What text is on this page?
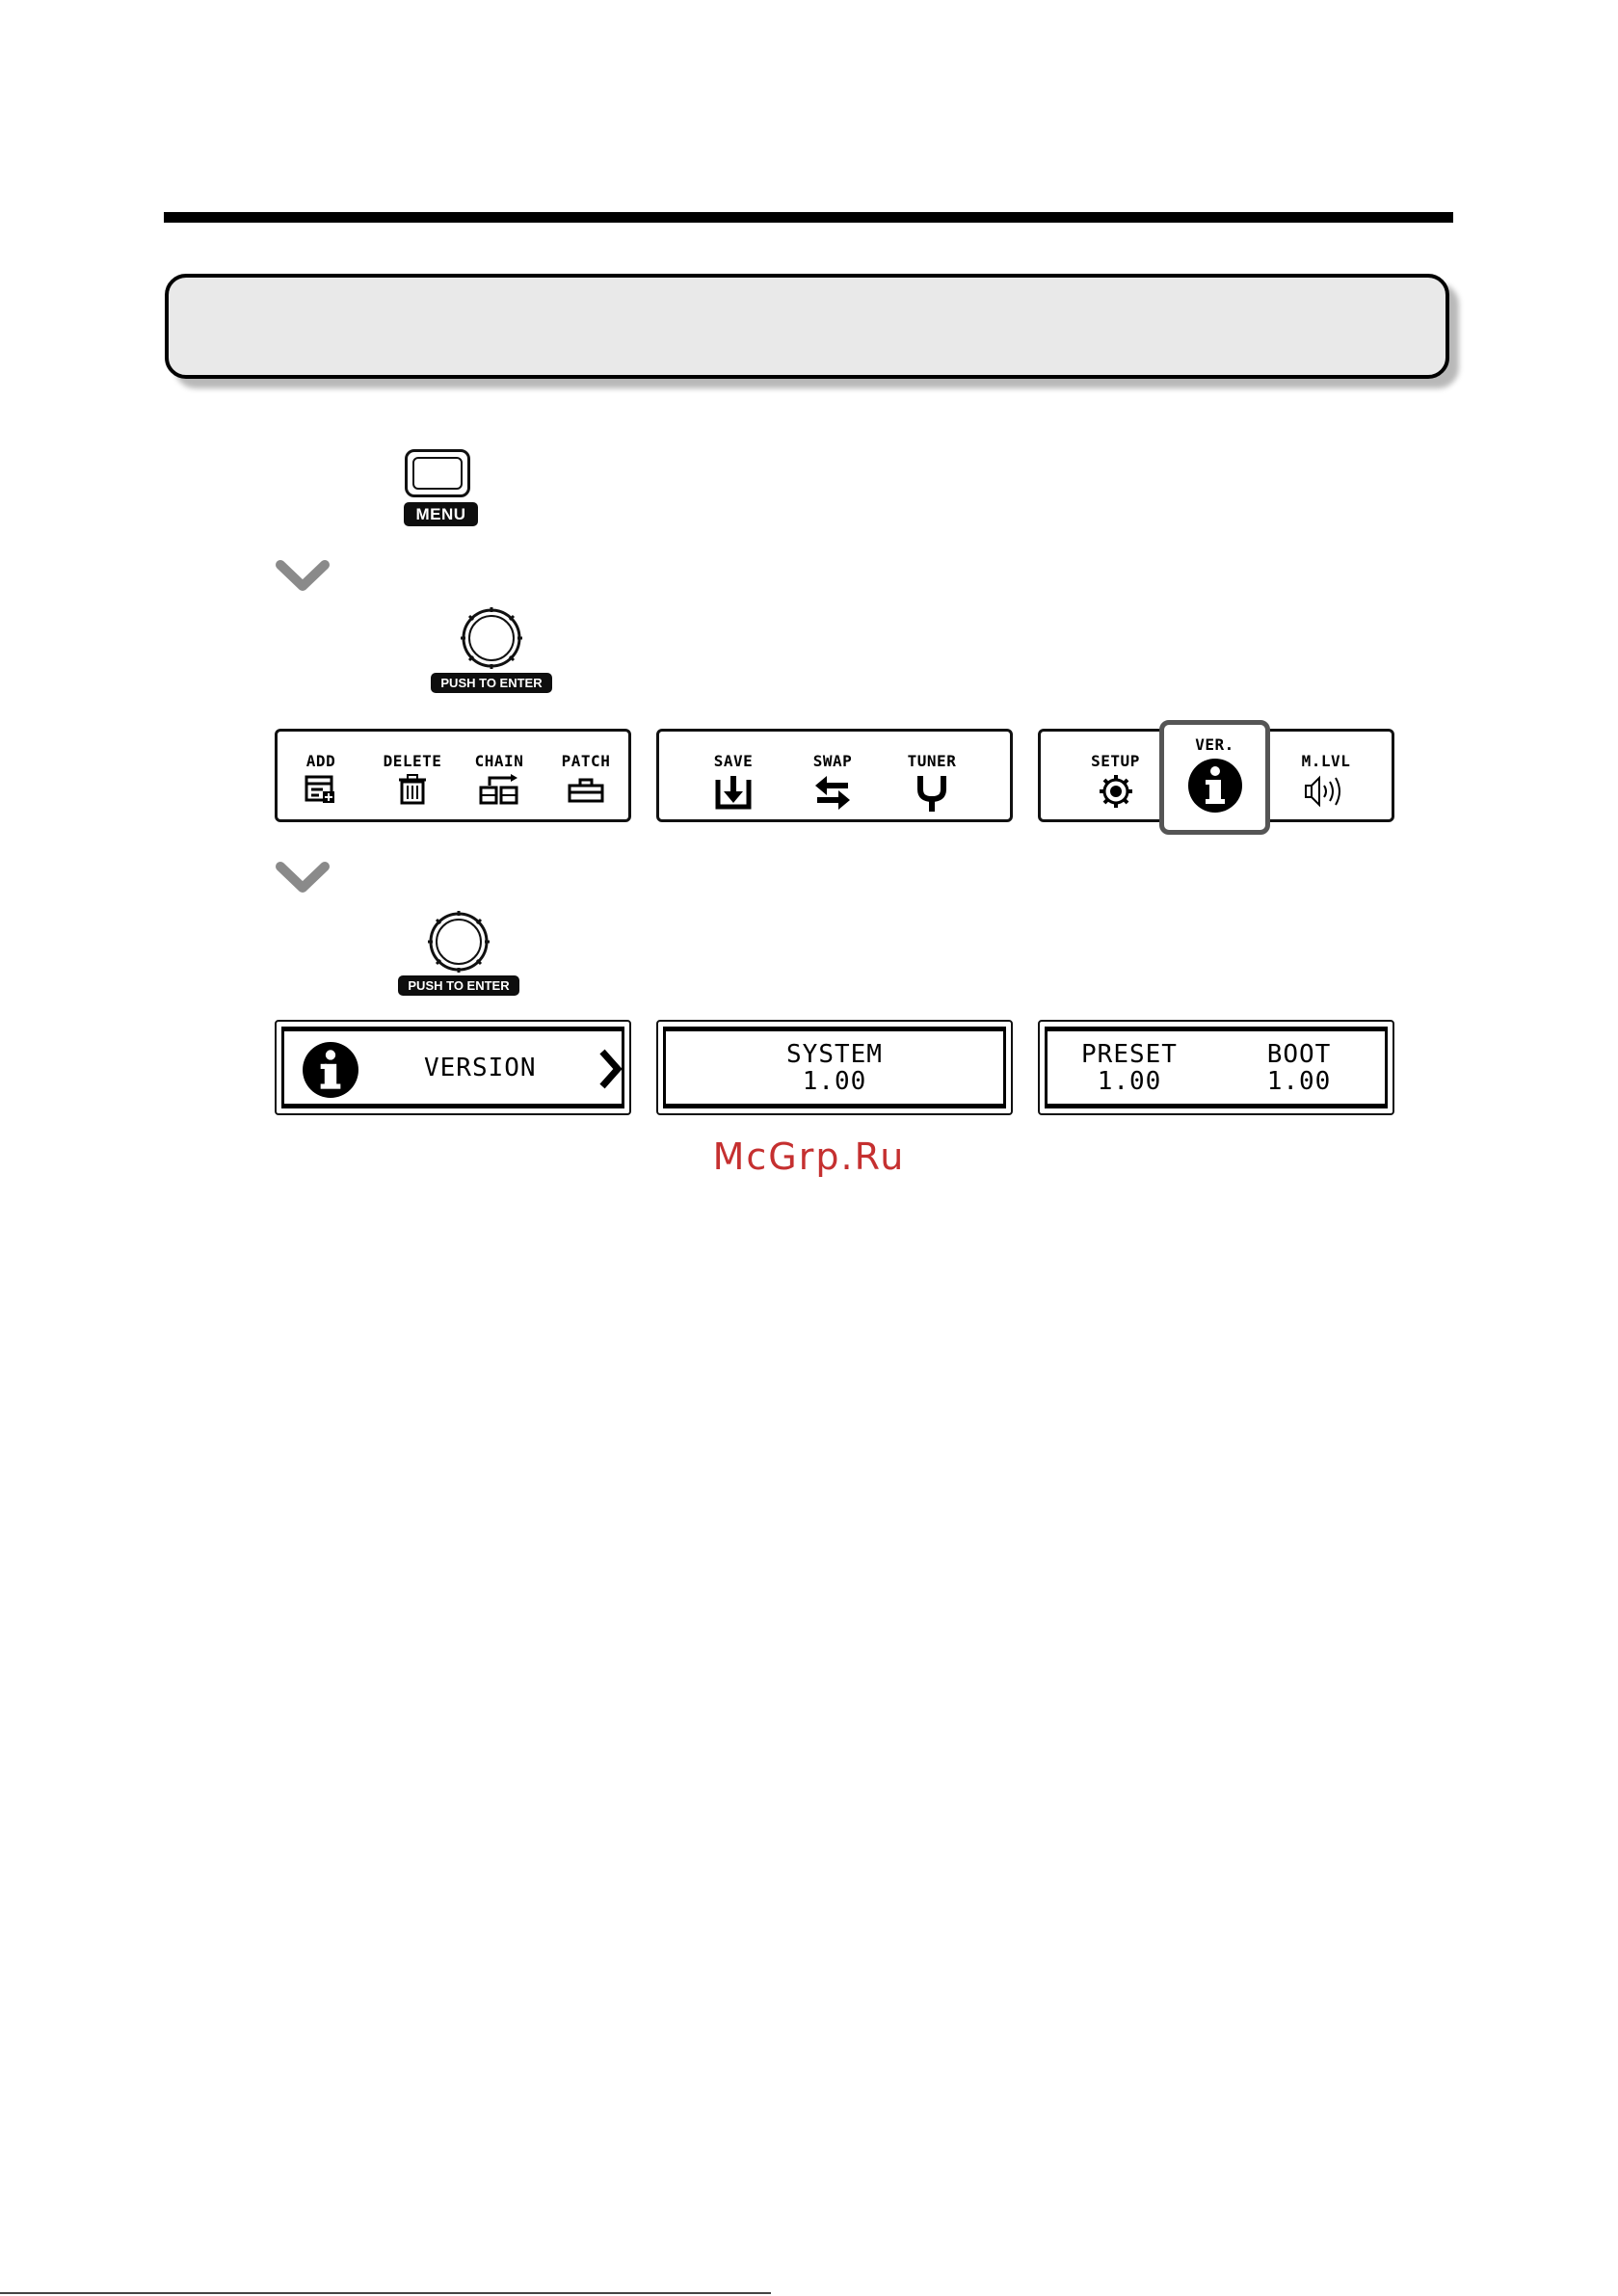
MENU
PUSH TO ENTER
ADD	DELETE	CHAIN	PATCH	SAVE	SWAP	TUNER	SETUP	M.LVL
VER.
PUSH TO ENTER
VERSION	SYSTEM
1.00
PRESET
1.00
BOOT
1.00
McGrp.Ru
